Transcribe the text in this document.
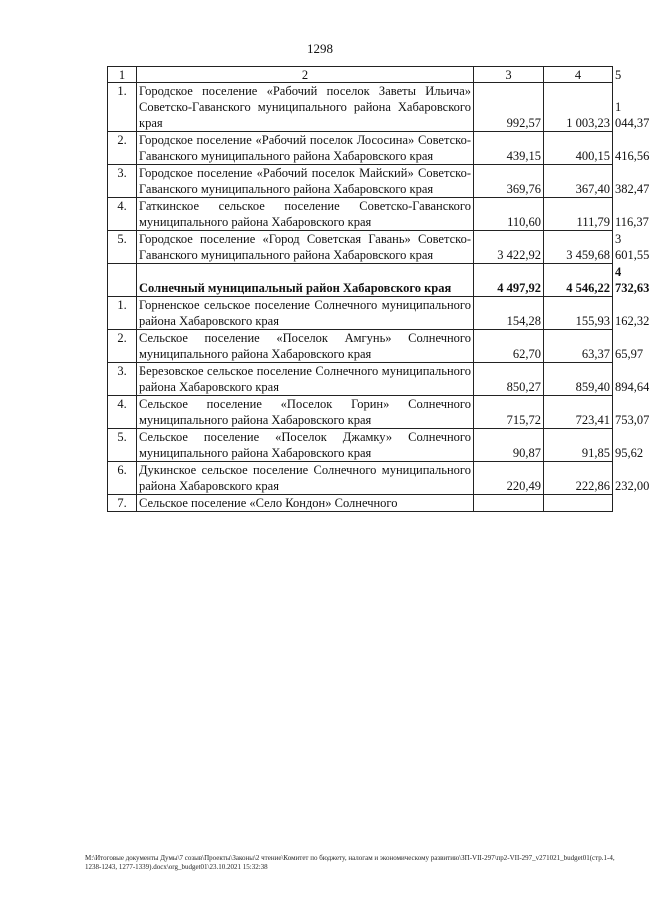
1298
1	2	3	4	5
1.	Городское поселение «Рабочий поселок Заветы Ильича» Советско-Гаванского муниципального района Хабаровского края	992,57	1 003,23	1 044,37
2.	Городское поселение «Рабочий поселок Лососина» Советско-Гаванского муниципального района Хабаровского края	439,15	400,15	416,56
3.	Городское поселение «Рабочий поселок Майский» Советско-Гаванского муниципального района Хабаровского края	369,76	367,40	382,47
4.	Гаткинское сельское поселение Советско-Гаванского муниципального района Хабаровского края	110,60	111,79	116,37
5.	Городское поселение «Город Советская Гавань» Советско-Гаванского муниципального района Хабаровского края	3 422,92	3 459,68	3 601,55
	Солнечный муниципальный район Хабаровского края	4 497,92	4 546,22	4 732,63
1.	Горненское сельское поселение Солнечного муниципального района Хабаровского края	154,28	155,93	162,32
2.	Сельское поселение «Поселок Амгунь» Солнечного муниципального района Хабаровского края	62,70	63,37	65,97
3.	Березовское сельское поселение Солнечного муниципального района Хабаровского края	850,27	859,40	894,64
4.	Сельское поселение «Поселок Горин» Солнечного муниципального района Хабаровского края	715,72	723,41	753,07
5.	Сельское поселение «Поселок Джамку» Солнечного муниципального района Хабаровского края	90,87	91,85	95,62
6.	Дукинское сельское поселение Солнечного муниципального района Хабаровского края	220,49	222,86	232,00
7.	Сельское поселение «Село Кондон» Солнечного			
М:\Итоговые документы Думы\7 созыв\Проекты\Законы\2 чтение\Комитет по бюджету, налогам и экономическому развитию\ЗП-VII-297\пр2-VII-297_v271021_budget01(стр.1-4, 1238-1243, 1277-1339).docx\org_budget01\23.10.2021 15:32:38
